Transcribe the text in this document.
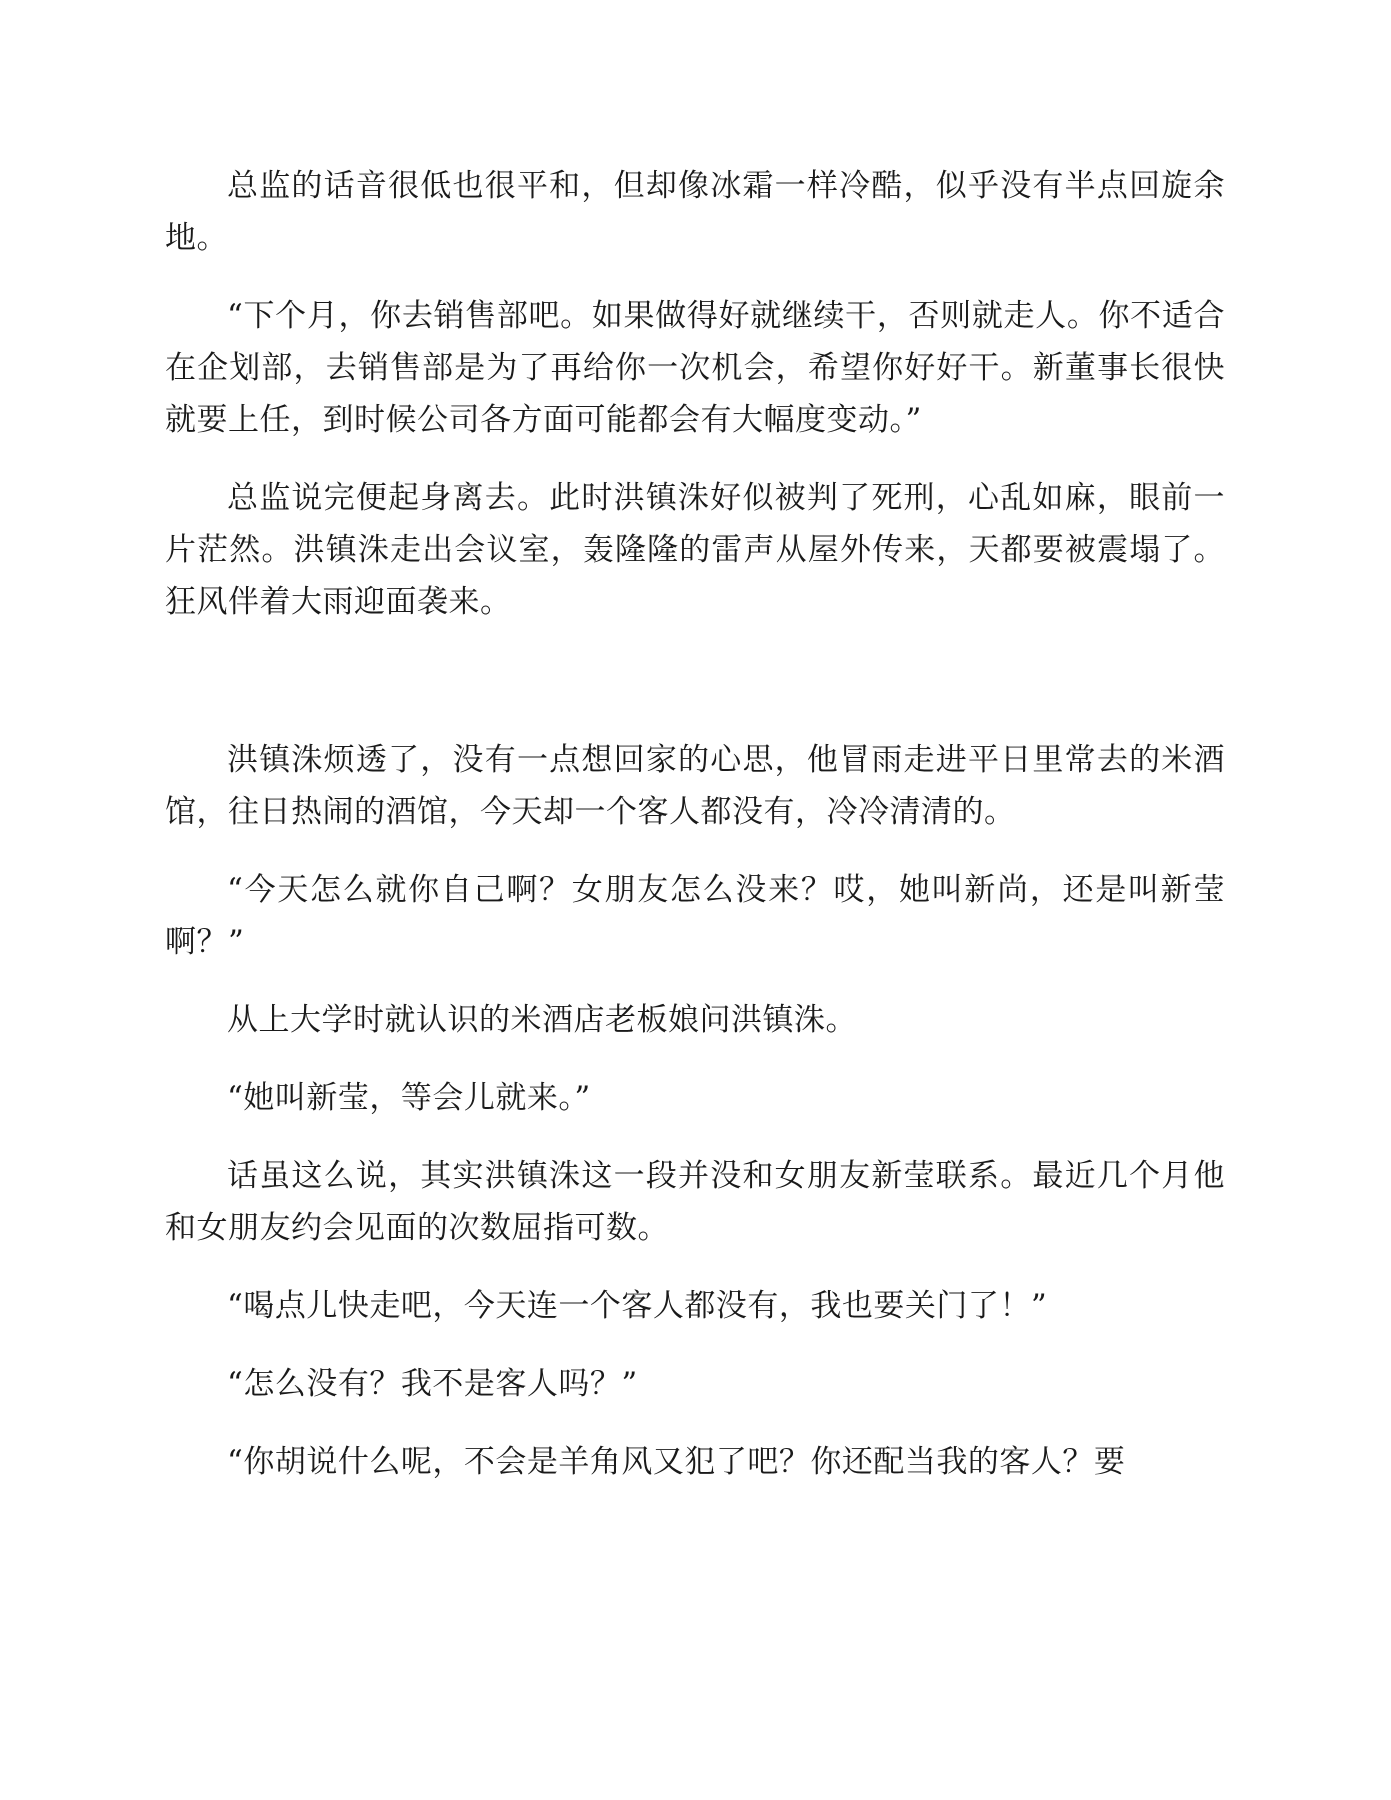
总监的话音很低也很平和，但却像冰霜一样冷酷，似乎没有半点回旋余地。

“下个月，你去销售部吧。如果做得好就继续干，否则就走人。你不适合在企划部，去销售部是为了再给你一次机会，希望你好好干。新董事长很快就要上任，到时候公司各方面可能都会有大幅度变动。”

总监说完便起身离去。此时洪镇洙好似被判了死刑，心乱如麻，眼前一片茫然。洪镇洙走出会议室，轰隆隆的雷声从屋外传来，天都要被震塌了。狂风伴着大雨迎面袭来。

洪镇洙烦透了，没有一点想回家的心思，他冒雨走进平日里常去的米酒馆，往日热闹的酒馆，今天却一个客人都没有，冷冷清清的。

“今天怎么就你自己啊？女朋友怎么没来？哎，她叫新尚，还是叫新莹啊？”

从上大学时就认识的米酒店老板娘问洪镇洙。

“她叫新莹，等会儿就来。”

话虽这么说，其实洪镇洙这一段并没和女朋友新莹联系。最近几个月他和女朋友约会见面的次数屈指可数。

“喝点儿快走吧，今天连一个客人都没有，我也要关门了！”

“怎么没有？我不是客人吗？”

“你胡说什么呢，不会是羊角风又犯了吧？你还配当我的客人？要
